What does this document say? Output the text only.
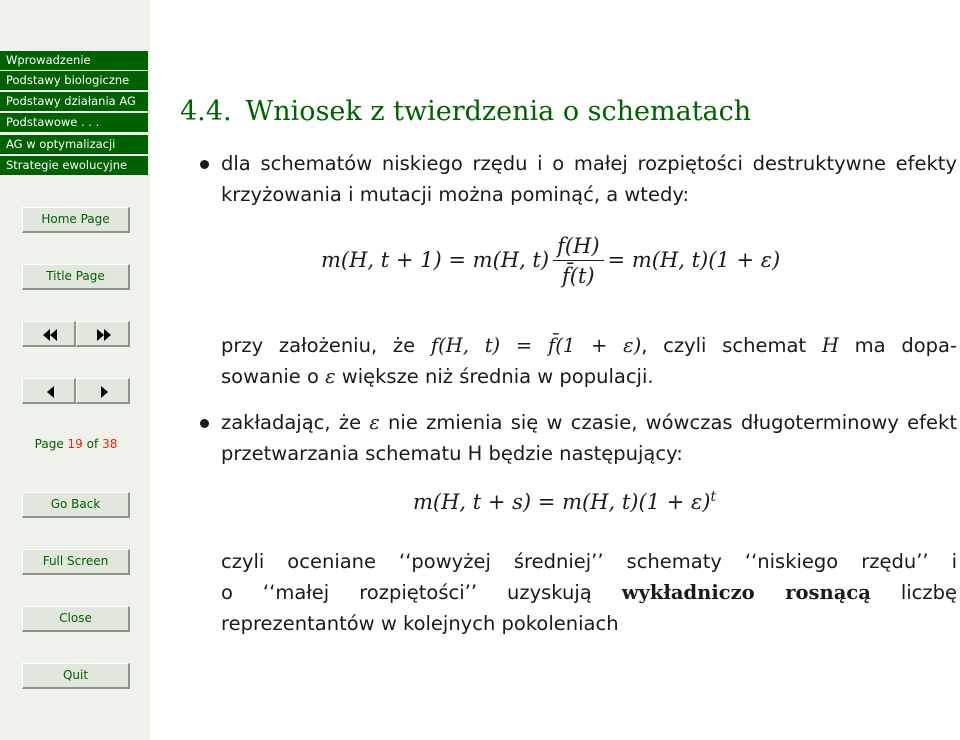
Wprowadzenie
Podstawy biologiczne
Podstawy działania AG
Podstawowe . . .
AG w optymalizacji
Strategie ewolucyjne
Home Page
Title Page
Page 19 of 38
Go Back
Full Screen
Close
Quit
4.4. Wniosek z twierdzenia o schematach
dla schematów niskiego rzędu i o małej rozpiętości destruktywne efekty krzyżowania i mutacji można pominąć, a wtedy:
m(H, t + 1) = m(H, $t) \frac{f(H)}{f̄(t)} = m(H$, t)(1 + ε)
przy założeniu, że f(H, t) = f̄(1 + ε), czyli schemat H ma dopa-
sowanie o ε większe niż średnia w populacji.
zakładając, że ε nie zmienia się w czasie, wówczas długoterminowy efekt przetwarzania schematu H będzie następujący:
m(H, t + s) = m(H, $t)(1 + \varepsilon)^t$
czyli oceniane ‘‘powyżej średniej’’ schematy ‘‘niskiego rzędu’’ i
o ‘‘małej rozpiętości’’ uzyskują wykładniczo rosnącą liczbę
reprezentantów w kolejnych pokoleniach
